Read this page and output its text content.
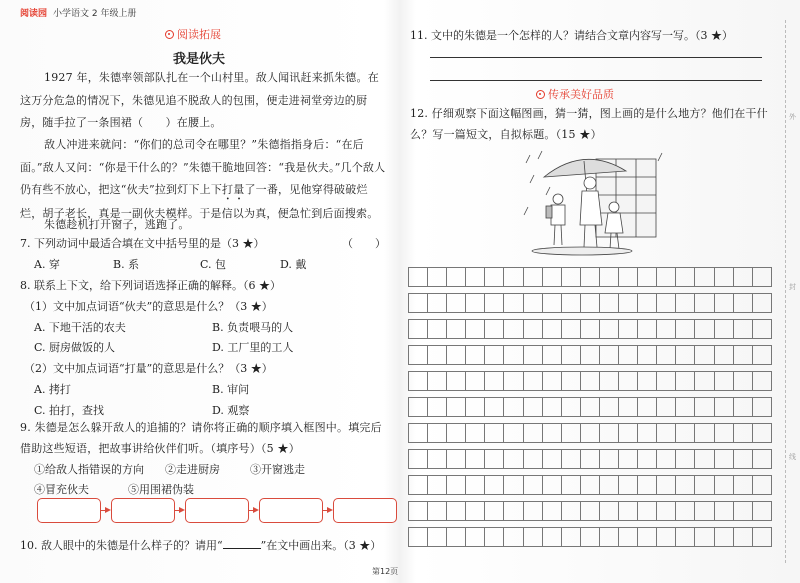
阅读园 小学语文 2 年级上册
阅读拓展
我是伙夫
1927 年，朱德率领部队扎在一个山村里。敌人闻讯赶来抓朱德。在这万分危急的情况下，朱德见追不脱敌人的包围，便走进祠堂旁边的厨房，随手拉了一条围裙（　　）在腰上。
敌人冲进来就问：“你们的总司令在哪里？”朱德指指身后：“在后面。”敌人又问：“你是干什么的？”朱德干脆地回答：“我是伙夫。”几个敌人仍有些不放心，把这“伙夫”拉到灯下上下打量了一番，见他穿得破破烂烂，胡子老长，真是一副伙夫模样。于是信以为真，便急忙到后面搜索。
朱德趁机打开窗子，逃跑了。
7. 下列动词中最适合填在文中括号里的是（3 ★）	（　　）
A. 穿	B. 系	C. 包	D. 戴
8. 联系上下文，给下列词语选择正确的解释。（6 ★）
（1）文中加点词语“伙夫”的意思是什么？（3 ★）
A. 下地干活的农夫	B. 负责喂马的人
C. 厨房做饭的人	D. 工厂里的工人
（2）文中加点词语“打量”的意思是什么？（3 ★）
A. 拷打	B. 审问
C. 拍打，查找	D. 观察
9. 朱德是怎么躲开敌人的追捕的？请你将正确的顺序填入框图中。填完后借助这些短语，把故事讲给伙伴们听。（填序号）（5 ★）
①给敌人指错误的方向 ②走进厨房	③开窗逃走
④冒充伙夫	⑤用围裙伪装
10. 敌人眼中的朱德是什么样子的？请用“	”在文中画出来。（3 ★）
11. 文中的朱德是一个怎样的人？请结合文章内容写一写。（3 ★）
传承美好品质
12. 仔细观察下面这幅图画，猜一猜，图上画的是什么地方？他们在干什么？写一篇短文，自拟标题。（15 ★）

外
封
线
第12页
